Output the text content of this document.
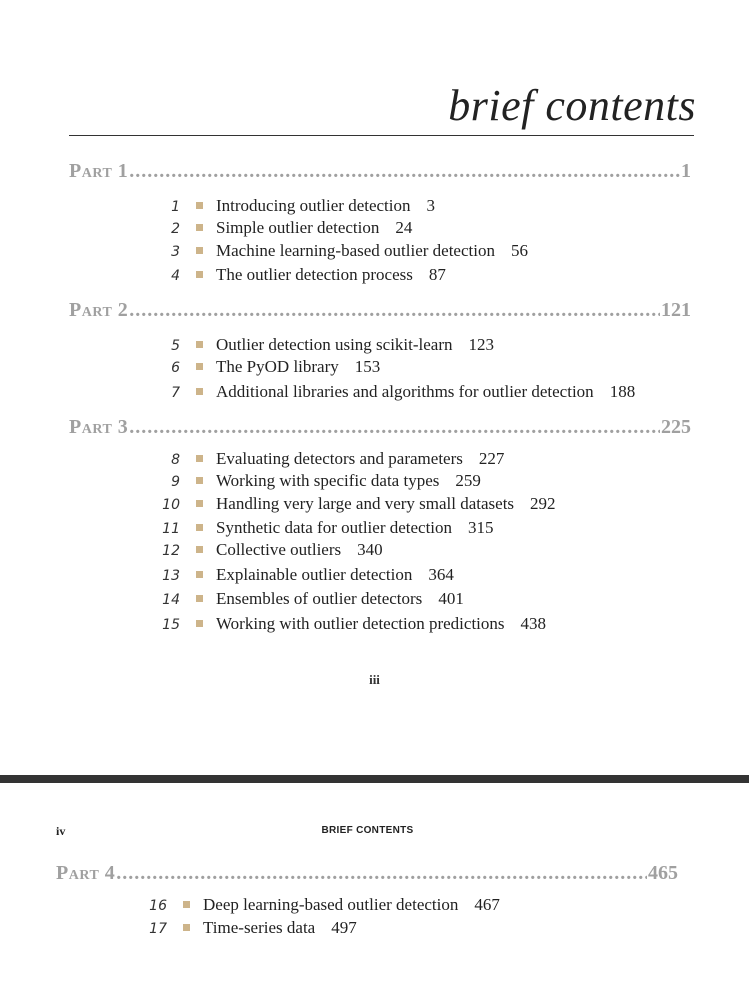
brief contents
Part 1 .....	1
1 Introducing outlier detection 3
2 Simple outlier detection 24
3 Machine learning-based outlier detection 56
4 The outlier detection process 87
Part 2 .....	121
5 Outlier detection using scikit-learn 123
6 The PyOD library 153
7 Additional libraries and algorithms for outlier detection 188
Part 3 .....	225
8 Evaluating detectors and parameters 227
9 Working with specific data types 259
10 Handling very large and very small datasets 292
11 Synthetic data for outlier detection 315
12 Collective outliers 340
13 Explainable outlier detection 364
14 Ensembles of outlier detectors 401
15 Working with outlier detection predictions 438
iii
iv	BRIEF CONTENTS
Part 4 .....	465
16 Deep learning-based outlier detection 467
17 Time-series data 497
